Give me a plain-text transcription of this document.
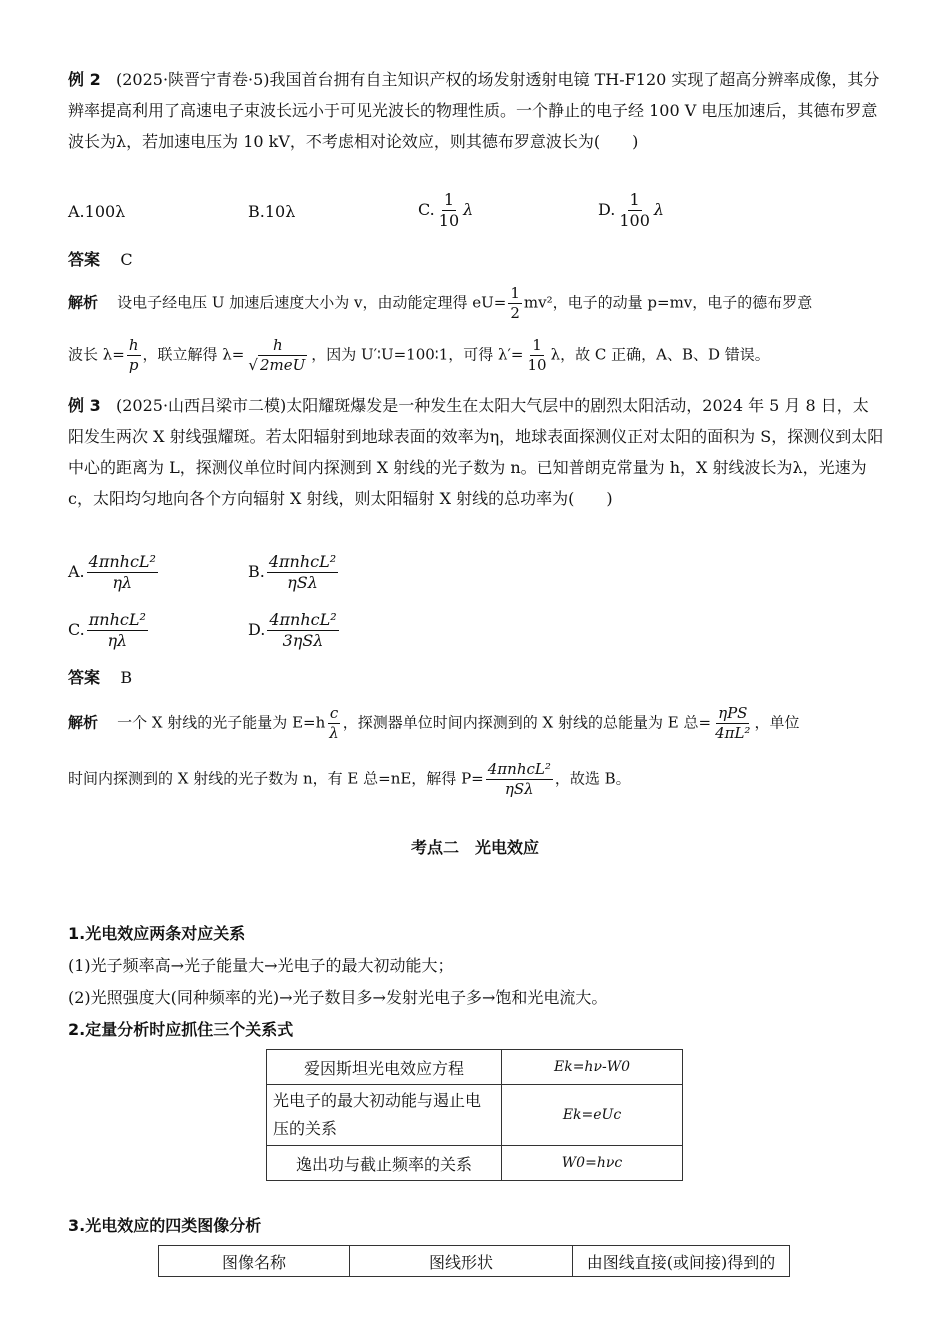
例 2 (2025·陕晋宁青卷·5)我国首台拥有自主知识产权的场发射透射电镜 TH-F120 实现了超高分辨率成像，其分辨率提高利用了高速电子束波长远小于可见光波长的物理性质。一个静止的电子经 100 V 电压加速后，其德布罗意波长为λ，若加速电压为 10 kV，不考虑相对论效应，则其德布罗意波长为(　　)
A.100λ	B.10λ	C. $\frac{1}{10}$ λ	D. $\frac{1}{100}$ λ
答案 C
解析 设电子经电压 U 加速后速度大小为 v，由动能定理得 $eU= \frac{1}{2} mv^2$，电子的动量 p=mv，电子的德布罗意
波长 $\lambda= \frac{h}{p}$ ，联立解得 $\lambda= \frac{h}{\text{√ 2meU}}$ ，因为 U′∶U=100∶1，可得 $\lambda'= \frac{1}{10}$ λ，故 C 正确，A、B、D 错误。
例 3 (2025·山西吕梁市二模)太阳耀斑爆发是一种发生在太阳大气层中的剧烈太阳活动，2024 年 5 月 8 日，太阳发生两次 X 射线强耀斑。若太阳辐射到地球表面的效率为η，地球表面探测仪正对太阳的面积为 S，探测仪到太阳中心的距离为 L，探测仪单位时间内探测到 X 射线的光子数为 n。已知普朗克常量为 h，X 射线波长为λ，光速为 c，太阳均匀地向各个方向辐射 X 射线，则太阳辐射 X 射线的总功率为(　　)
A. $\frac{\text{4πnhcL²}}{\eta\lambda}$	B. $\frac{\text{4πnhcL²}}{\text{ηSλ}}$
C. $\frac{\text{πnhcL²}}{\eta\lambda}$	D. $\frac{\text{4πnhcL²}}{\text{3ηSλ}}$
答案 B
解析 一个 X 射线的光子能量为 $E=h \frac{c}{\lambda}$ ，探测器单位时间内探测到的 X 射线的总能量为 E 总= $\frac{\text{ηPS}}{\text{4πL²}}$ ，单位
时间内探测到的 X 射线的光子数为 n，有 E 总=nE，解得 $P= \frac{\text{4πnhcL²}}{\text{ηSλ}}$ ，故选 B。
考点二　光电效应
1.光电效应两条对应关系
(1)光子频率高→光子能量大→光电子的最大初动能大；
(2)光照强度大(同种频率的光)→光子数目多→发射光电子多→饱和光电流大。
2.定量分析时应抓住三个关系式
爱因斯坦光电效应方程	Ek=hν-W0
光电子的最大初动能与遏止电压的关系	Ek=eUc
逸出功与截止频率的关系	W0=hνc
3.光电效应的四类图像分析
图像名称	图线形状	由图线直接(或间接)得到的
